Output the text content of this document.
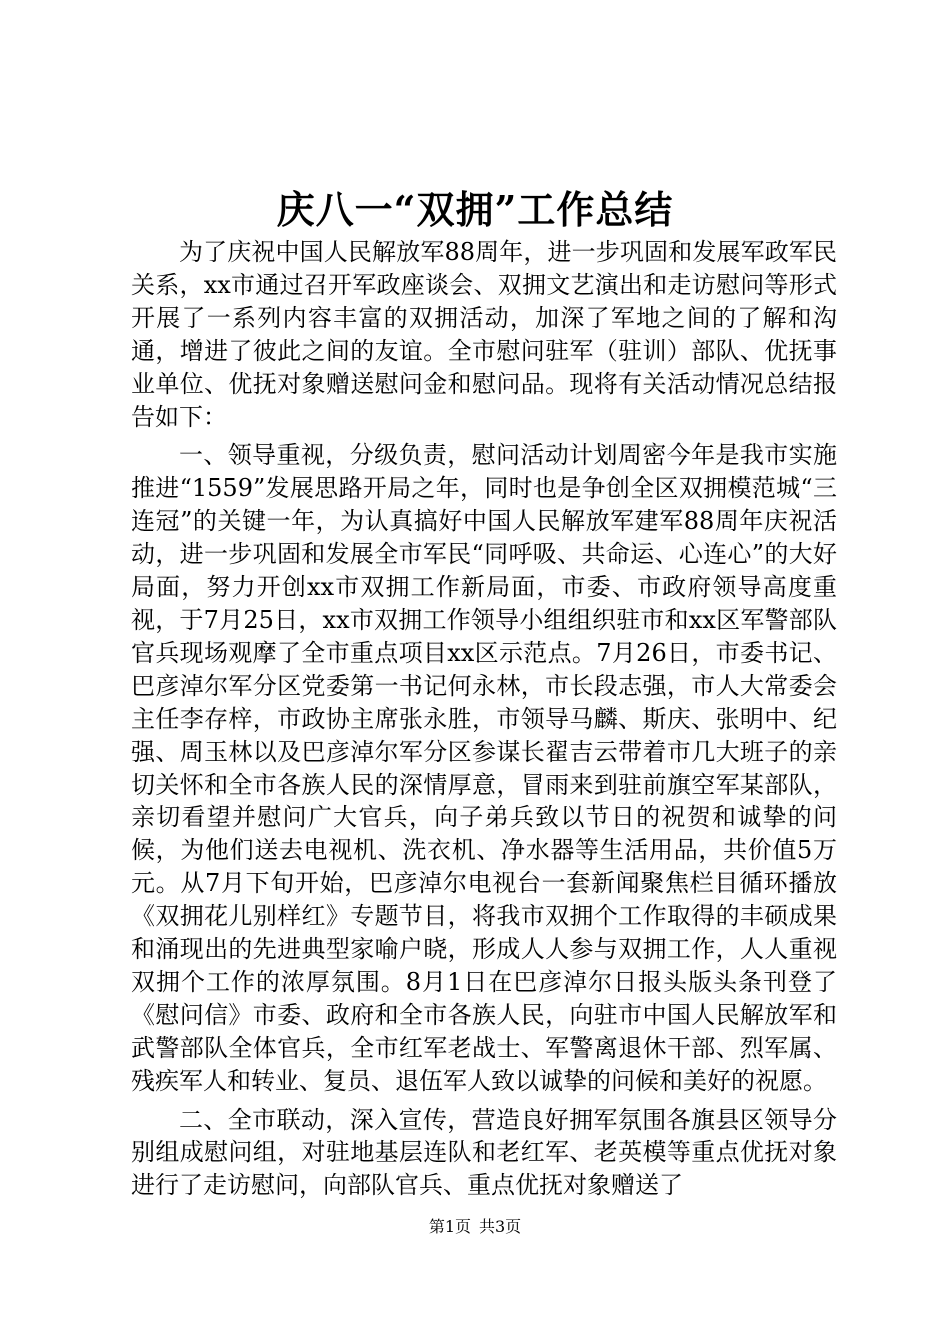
庆八一“双拥”工作总结

为了庆祝中国人民解放军88周年，进一步巩固和发展军政军民关系，xx市通过召开军政座谈会、双拥文艺演出和走访慰问等形式开展了一系列内容丰富的双拥活动，加深了军地之间的了解和沟通，增进了彼此之间的友谊。全市慰问驻军（驻训）部队、优抚事业单位、优抚对象赠送慰问金和慰问品。现将有关活动情况总结报告如下：

一、领导重视，分级负责，慰问活动计划周密今年是我市实施推进“1559”发展思路开局之年，同时也是争创全区双拥模范城“三连冠”的关键一年，为认真搞好中国人民解放军建军88周年庆祝活动，进一步巩固和发展全市军民“同呼吸、共命运、心连心”的大好局面，努力开创xx市双拥工作新局面，市委、市政府领导高度重视，于7月25日，xx市双拥工作领导小组组织驻市和xx区军警部队官兵现场观摩了全市重点项目xx区示范点。7月26日，市委书记、巴彦淖尔军分区党委第一书记何永林，市长段志强，市人大常委会主任李存梓，市政协主席张永胜，市领导马麟、斯庆、张明中、纪强、周玉林以及巴彦淖尔军分区参谋长翟吉云带着市几大班子的亲切关怀和全市各族人民的深情厚意，冒雨来到驻前旗空军某部队，亲切看望并慰问广大官兵，向子弟兵致以节日的祝贺和诚挚的问候，为他们送去电视机、洗衣机、净水器等生活用品，共价值5万元。从7月下旬开始，巴彦淖尔电视台一套新闻聚焦栏目循环播放《双拥花儿别样红》专题节目，将我市双拥个工作取得的丰硕成果和涌现出的先进典型家喻户晓，形成人人参与双拥工作，人人重视双拥个工作的浓厚氛围。8月1日在巴彦淖尔日报头版头条刊登了《慰问信》市委、政府和全市各族人民，向驻市中国人民解放军和武警部队全体官兵，全市红军老战士、军警离退休干部、烈军属、残疾军人和转业、复员、退伍军人致以诚挚的问候和美好的祝愿。

二、全市联动，深入宣传，营造良好拥军氛围各旗县区领导分别组成慰问组，对驻地基层连队和老红军、老英模等重点优抚对象进行了走访慰问，向部队官兵、重点优抚对象赠送了

第1页 共3页
